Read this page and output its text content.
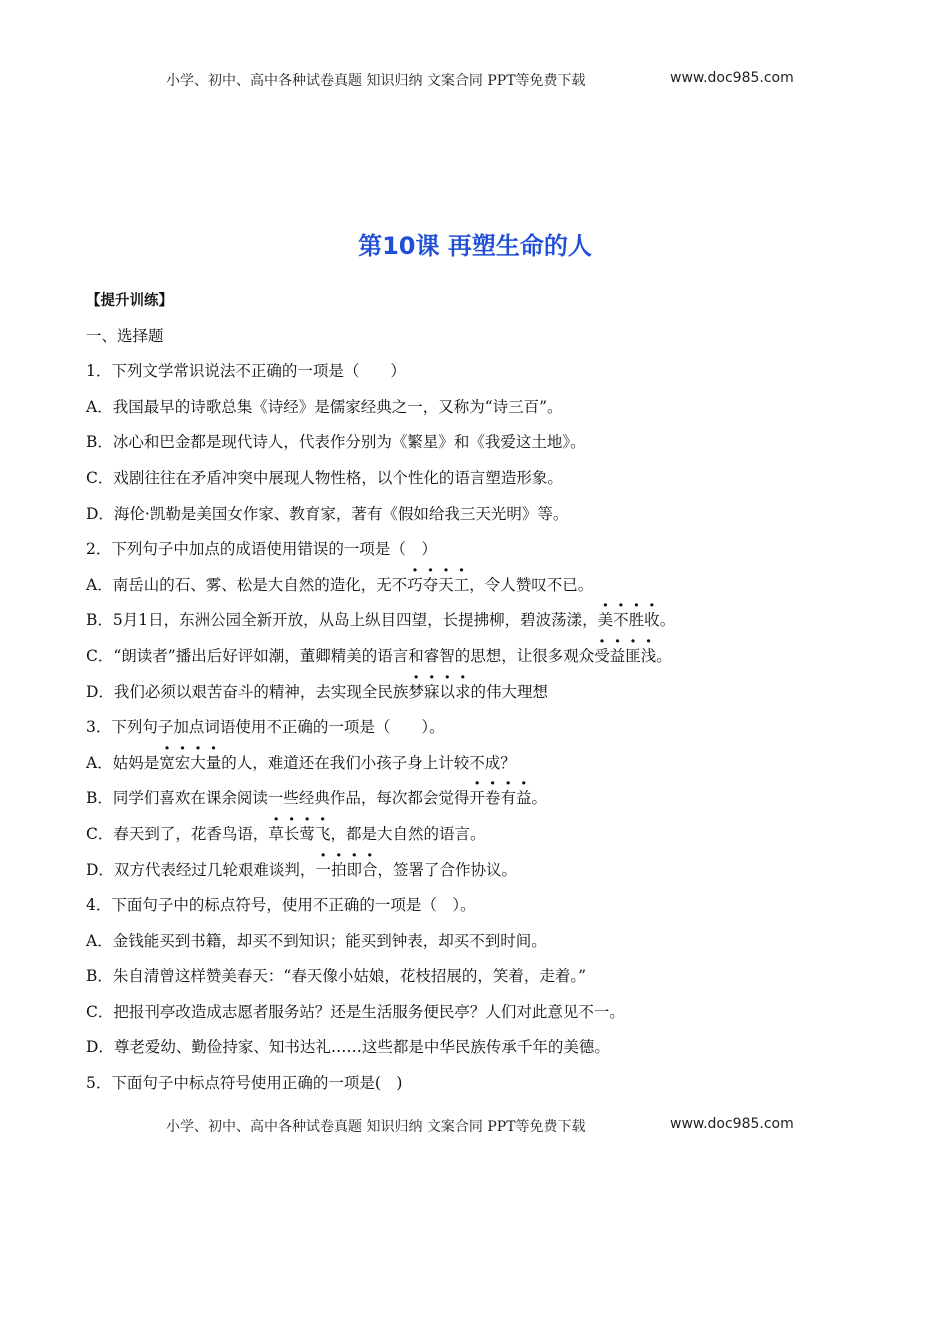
小学、初中、高中各种试卷真题 知识归纳 文案合同 PPT等免费下载	www.doc985.com
第10课 再塑生命的人
【提升训练】
一、选择题
1．下列文学常识说法不正确的一项是（　　）
A．我国最早的诗歌总集《诗经》是儒家经典之一，又称为“诗三百”。
B．冰心和巴金都是现代诗人，代表作分别为《繁星》和《我爱这土地》。
C．戏剧往往在矛盾冲突中展现人物性格，以个性化的语言塑造形象。
D．海伦·凯勒是美国女作家、教育家，著有《假如给我三天光明》等。
2．下列句子中加点的成语使用错误的一项是（　）
A．南岳山的石、雾、松是大自然的造化，无不巧夺天工，令人赞叹不已。
B．5月1日，东洲公园全新开放，从岛上纵目四望，长提拂柳，碧波荡漾，美不胜收。
C．“朗读者”播出后好评如潮，董卿精美的语言和睿智的思想，让很多观众受益匪浅。
D．我们必须以艰苦奋斗的精神，去实现全民族梦寐以求的伟大理想
3．下列句子加点词语使用不正确的一项是（　　）。
A．姑妈是宽宏大量的人，难道还在我们小孩子身上计较不成？
B．同学们喜欢在课余阅读一些经典作品，每次都会觉得开卷有益。
C．春天到了，花香鸟语，草长莺飞，都是大自然的语言。
D．双方代表经过几轮艰难谈判，一拍即合，签署了合作协议。
4．下面句子中的标点符号，使用不正确的一项是（　）。
A．金钱能买到书籍，却买不到知识；能买到钟表，却买不到时间。
B．朱自清曾这样赞美春天：“春天像小姑娘，花枝招展的，笑着，走着。”
C．把报刊亭改造成志愿者服务站？还是生活服务便民亭？人们对此意见不一。
D．尊老爱幼、勤俭持家、知书达礼……这些都是中华民族传承千年的美德。
5．下面句子中标点符号使用正确的一项是(　)
小学、初中、高中各种试卷真题 知识归纳 文案合同 PPT等免费下载	www.doc985.com
